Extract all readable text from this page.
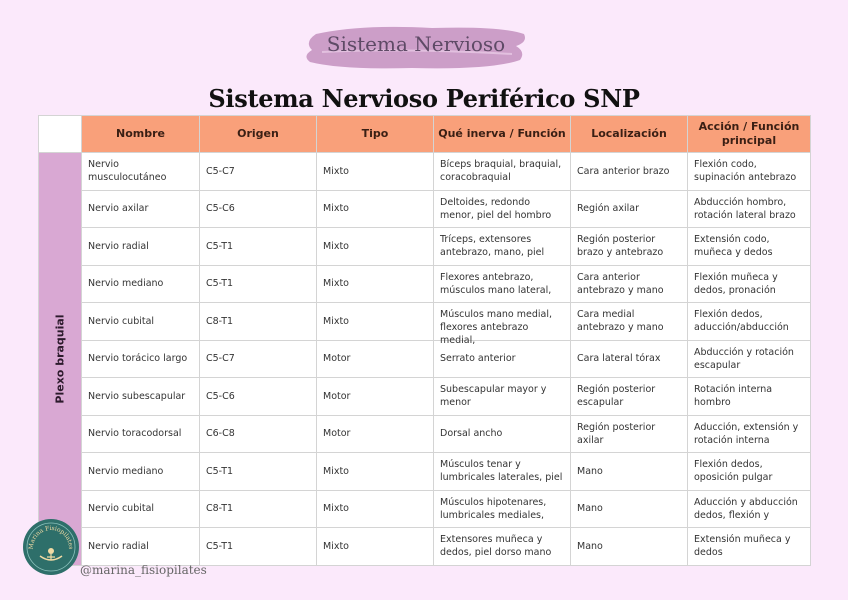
Sistema Nervioso
Sistema Nervioso Periférico SNP
	Nombre	Origen	Tipo	Qué inerva / Función	Localización	Acción / Función principal

Plexo braquial	Nervio musculocutáneo	C5-C7	Mixto	Bíceps braquial, braquial, coracobraquial	Cara anterior brazo	Flexión codo, supinación antebrazo

	Nervio axilar	C5-C6	Mixto	Deltoides, redondo menor, piel del hombro	Región axilar	Abducción hombro, rotación lateral brazo

	Nervio radial	C5-T1	Mixto	Tríceps, extensores antebrazo, mano, piel	Región posterior brazo y antebrazo	Extensión codo, muñeca y dedos

	Nervio mediano	C5-T1	Mixto	Flexores antebrazo, músculos mano lateral,	Cara anterior antebrazo y mano	Flexión muñeca y dedos, pronación

	Nervio cubital	C8-T1	Mixto	Músculos mano medial, flexores antebrazo medial,	Cara medial antebrazo y mano	Flexión dedos, aducción/abducción

	Nervio torácico largo	C5-C7	Motor	Serrato anterior	Cara lateral tórax	Abducción y rotación escapular

	Nervio subescapular	C5-C6	Motor	Subescapular mayor y menor	Región posterior escapular	Rotación interna hombro

	Nervio toracodorsal	C6-C8	Motor	Dorsal ancho	Región posterior axilar	Aducción, extensión y rotación interna

	Nervio mediano	C5-T1	Mixto	Músculos tenar y lumbricales laterales, piel	Mano	Flexión dedos, oposición pulgar

	Nervio cubital	C8-T1	Mixto	Músculos hipotenares, lumbricales mediales,	Mano	Aducción y abducción dedos, flexión y

	Nervio radial	C5-T1	Mixto	Extensores muñeca y dedos, piel dorso mano	Mano	Extensión muñeca y dedos
Marina Fisiopilates
@marina_fisiopilates
